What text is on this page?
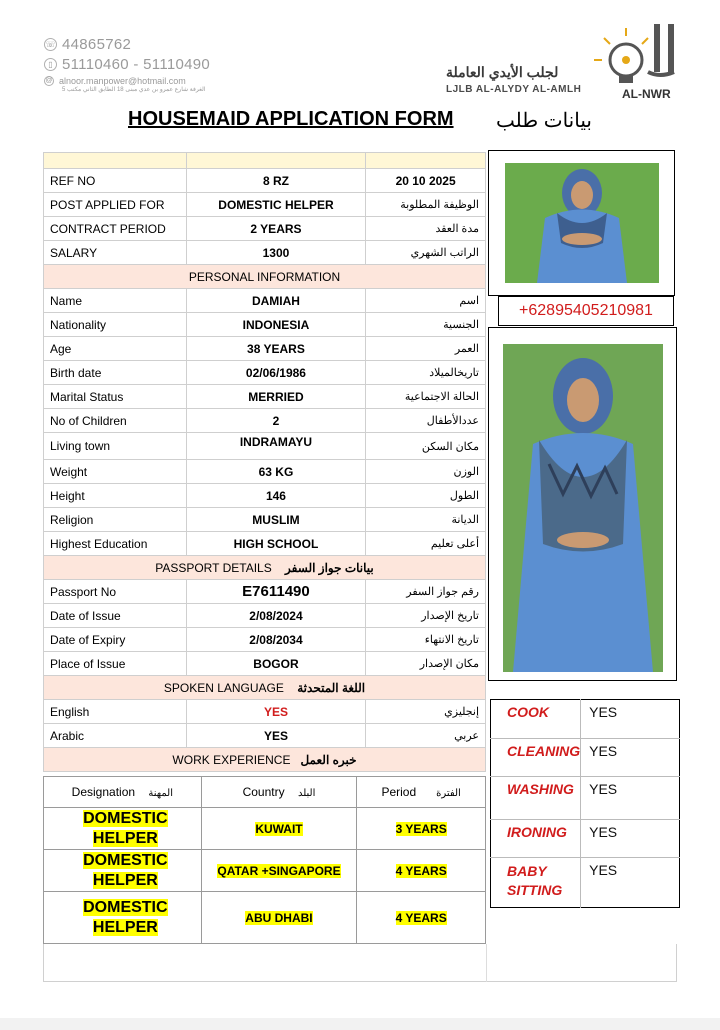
☏ 44865762
▯ 51110460 - 51110490
@ alnoor.manpower@hotmail.com
الغرفة شارع عمرو بن عدي مبنى 18 الطابق الثاني مكتب 5
لجلب الأيدي العاملة
LJLB AL-ALYDY AL-AMLH	AL-NWR
HOUSEMAID APPLICATION FORM بيانات طلب

REF NO	8 RZ	20 10 2025
POST APPLIED FOR	DOMESTIC HELPER	الوظيفة المطلوبة
CONTRACT PERIOD	2 YEARS	مدة العقد
SALARY	1300	الراتب الشهري
PERSONAL INFORMATION		
Name	DAMIAH	اسم
Nationality	INDONESIA	الجنسية
Age	38 YEARS	العمر
Birth date	02/06/1986	تاريخالميلاد
Marital Status	MERRIED	الحالة الاجتماعية
No of Children	2	عددالأطفال
Living town	INDRAMAYU	مكان السكن
Weight	63 KG	الوزن
Height	146	الطول
Religion	MUSLIM	الديانة
Highest Education	HIGH SCHOOL	أعلى تعليم
PASSPORT DETAILS بيانات جواز السفر		
Passport No	E7611490	رقم جواز السفر
Date of Issue	2/08/2024	تاريخ الإصدار
Date of Expiry	2/08/2034	تاريخ الانتهاء
Place of Issue	BOGOR	مكان الإصدار
SPOKEN LANGUAGE اللغة المتحدثة		
English	YES	إنجليزي
Arabic	YES	عربي
WORK EXPERIENCE خبره العمل		
Designation المهنة	Country البلد	Period الفترة
DOMESTIC HELPER	KUWAIT	3 YEARS
DOMESTIC HELPER	QATAR +SINGAPORE	4 YEARS
DOMESTIC HELPER	ABU DHABI	4 YEARS
+62895405210981
COOK	YES
CLEANING	YES
WASHING	YES
IRONING	YES
BABY SITTING	YES
